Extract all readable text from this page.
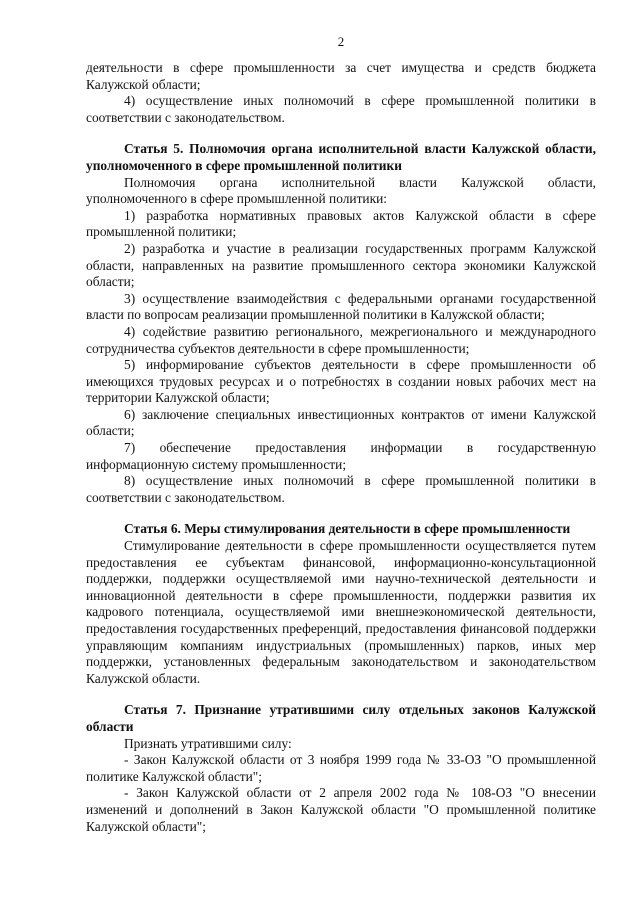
2

деятельности в сфере промышленности за счет имущества и средств бюджета Калужской области;

4) осуществление иных полномочий в сфере промышленной политики в соответствии с законодательством.

Статья 5. Полномочия органа исполнительной власти Калужской области, уполномоченного в сфере промышленной политики

Полномочия органа исполнительной власти Калужской области, уполномоченного в сфере промышленной политики:

1) разработка нормативных правовых актов Калужской области в сфере промышленной политики;

2) разработка и участие в реализации государственных программ Калужской области, направленных на развитие промышленного сектора экономики Калужской области;

3) осуществление взаимодействия с федеральными органами государственной власти по вопросам реализации промышленной политики в Калужской области;

4) содействие развитию регионального, межрегионального и международного сотрудничества субъектов деятельности в сфере промышленности;

5) информирование субъектов деятельности в сфере промышленности об имеющихся трудовых ресурсах и о потребностях в создании новых рабочих мест на территории Калужской области;

6) заключение специальных инвестиционных контрактов от имени Калужской области;

7) обеспечение предоставления информации в государственную информационную систему промышленности;

8) осуществление иных полномочий в сфере промышленной политики в соответствии с законодательством.

Статья 6. Меры стимулирования деятельности в сфере промышленности

Стимулирование деятельности в сфере промышленности осуществляется путем предоставления ее субъектам финансовой, информационно-консультационной поддержки, поддержки осуществляемой ими научно-технической деятельности и инновационной деятельности в сфере промышленности, поддержки развития их кадрового потенциала, осуществляемой ими внешнеэкономической деятельности, предоставления государственных преференций, предоставления финансовой поддержки управляющим компаниям индустриальных (промышленных) парков, иных мер поддержки, установленных федеральным законодательством и законодательством Калужской области.

Статья 7. Признание утратившими силу отдельных законов Калужской области

Признать утратившими силу:

- Закон Калужской области от 3 ноября 1999 года № 33-ОЗ "О промышленной политике Калужской области";

- Закон Калужской области от 2 апреля 2002 года № 108-ОЗ "О внесении изменений и дополнений в Закон Калужской области "О промышленной политике Калужской области";
